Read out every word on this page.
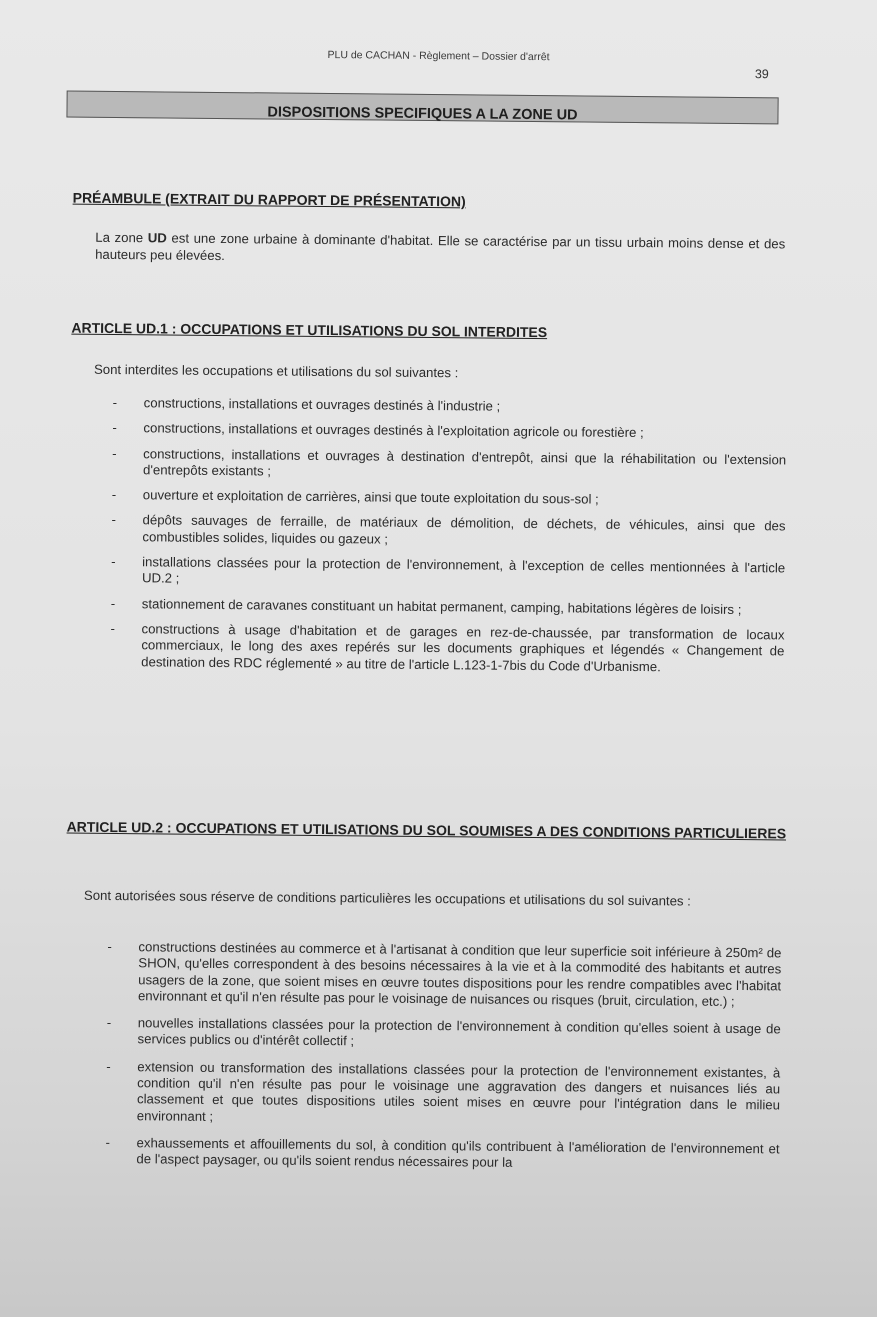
PLU de CACHAN - Règlement – Dossier d'arrêt
39
DISPOSITIONS SPECIFIQUES A LA ZONE UD
PRÉAMBULE (EXTRAIT DU RAPPORT DE PRÉSENTATION)
La zone UD est une zone urbaine à dominante d'habitat. Elle se caractérise par un tissu urbain moins dense et des hauteurs peu élevées.
ARTICLE UD.1 : OCCUPATIONS ET UTILISATIONS DU SOL INTERDITES
Sont interdites les occupations et utilisations du sol suivantes :
- constructions, installations et ouvrages destinés à l'industrie ;
- constructions, installations et ouvrages destinés à l'exploitation agricole ou forestière ;
- constructions, installations et ouvrages à destination d'entrepôt, ainsi que la réhabilitation ou l'extension d'entrepôts existants ;
- ouverture et exploitation de carrières, ainsi que toute exploitation du sous-sol ;
- dépôts sauvages de ferraille, de matériaux de démolition, de déchets, de véhicules, ainsi que des combustibles solides, liquides ou gazeux ;
- installations classées pour la protection de l'environnement, à l'exception de celles mentionnées à l'article UD.2 ;
- stationnement de caravanes constituant un habitat permanent, camping, habitations légères de loisirs ;
- constructions à usage d'habitation et de garages en rez-de-chaussée, par transformation de locaux commerciaux, le long des axes repérés sur les documents graphiques et légendés « Changement de destination des RDC réglementé » au titre de l'article L.123-1-7bis du Code d'Urbanisme.
ARTICLE UD.2 : OCCUPATIONS ET UTILISATIONS DU SOL SOUMISES A DES CONDITIONS PARTICULIERES
Sont autorisées sous réserve de conditions particulières les occupations et utilisations du sol suivantes :
- constructions destinées au commerce et à l'artisanat à condition que leur superficie soit inférieure à 250m² de SHON, qu'elles correspondent à des besoins nécessaires à la vie et à la commodité des habitants et autres usagers de la zone, que soient mises en œuvre toutes dispositions pour les rendre compatibles avec l'habitat environnant et qu'il n'en résulte pas pour le voisinage de nuisances ou risques (bruit, circulation, etc.) ;
- nouvelles installations classées pour la protection de l'environnement à condition qu'elles soient à usage de services publics ou d'intérêt collectif ;
- extension ou transformation des installations classées pour la protection de l'environnement existantes, à condition qu'il n'en résulte pas pour le voisinage une aggravation des dangers et nuisances liés au classement et que toutes dispositions utiles soient mises en œuvre pour l'intégration dans le milieu environnant ;
- exhaussements et affouillements du sol, à condition qu'ils contribuent à l'amélioration de l'environnement et de l'aspect paysager, ou qu'ils soient rendus nécessaires pour la
